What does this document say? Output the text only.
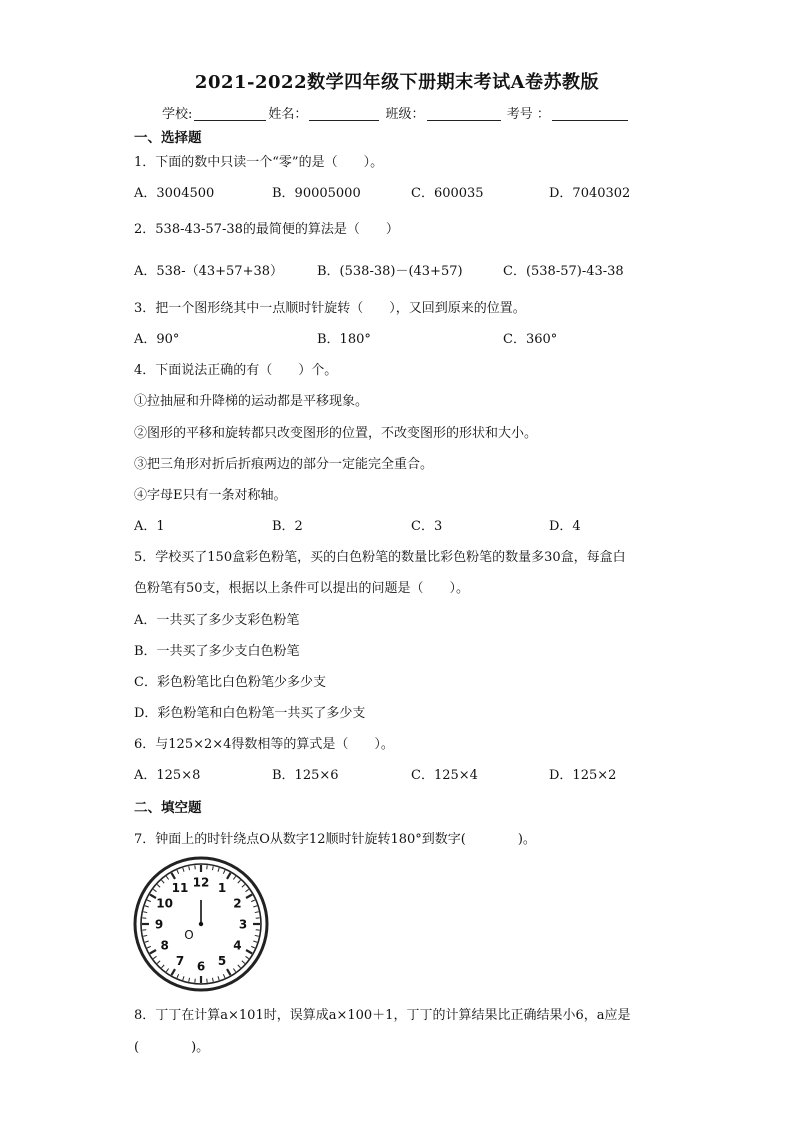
2021-2022数学四年级下册期末考试A卷苏教版
学校:	姓名：	班级：	考号 ：
一、选择题
1．下面的数中只读一个“零”的是（　　）。
A．3004500	B．90005000	C．600035	D．7040302
2．538-43-57-38的最简便的算法是（　　）
A．538-（43+57+38）	B．(538-38)－(43+57)	C．(538-57)-43-38
3．把一个图形绕其中一点顺时针旋转（　　），又回到原来的位置。
A．90°	B．180°	C．360°
4．下面说法正确的有（　　）个。
①拉抽屉和升降梯的运动都是平移现象。
②图形的平移和旋转都只改变图形的位置，不改变图形的形状和大小。
③把三角形对折后折痕两边的部分一定能完全重合。
④字母E只有一条对称轴。
A．1	B．2	C．3	D．4
5．学校买了150盒彩色粉笔，买的白色粉笔的数量比彩色粉笔的数量多30盒，每盒白
色粉笔有50支，根据以上条件可以提出的问题是（　　）。
A．一共买了多少支彩色粉笔
B．一共买了多少支白色粉笔
C．彩色粉笔比白色粉笔少多少支
D．彩色粉笔和白色粉笔一共买了多少支
6．与125×2×4得数相等的算式是（　　）。
A．125×8	B．125×6	C．125×4	D．125×2
二、填空题
7．钟面上的时针绕点O从数字12顺时针旋转180°到数字(　　　　)。
12 1
2
3
4
5
6
7
8
9
10
11
O
8．丁丁在计算a×101时，误算成a×100＋1，丁丁的计算结果比正确结果小6，a应是
(　　　　)。
